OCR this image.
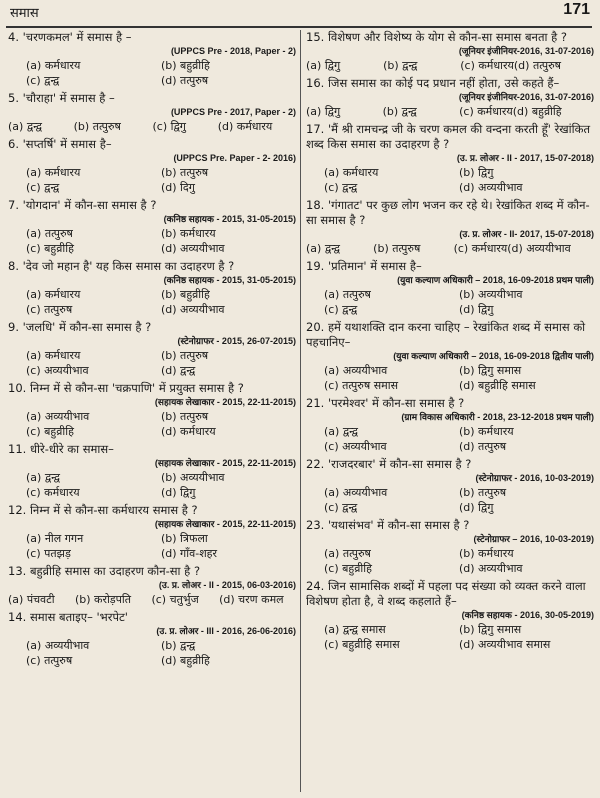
समास	171
4. 'चरणकमल' में समास है –
(UPPCS Pre - 2018, Paper - 2)
(a) कर्मधारय	(b) बहुव्रीहि
(c) द्वन्द्व	(d) तत्पुरुष
5. 'चौराहा' में समास है –
(UPPCS Pre - 2017, Paper - 2)
(a) द्वन्द्व	(b) तत्पुरुष	(c) द्विगु	(d) कर्मधारय
6. 'सप्तर्षि' में समास है–
(UPPCS Pre. Paper - 2- 2016)
(a) कर्मधारय	(b) तत्पुरुष
(c) द्वन्द्व	(d) दिगु
7. 'योगदान' में कौन-सा समास है ?
(कनिष्ठ सहायक - 2015, 31-05-2015)
(a) तत्पुरुष	(b) कर्मधारय
(c) बहुव्रीहि	(d) अव्ययीभाव
8. 'देव जो महान है' यह किस समास का उदाहरण है ?
(कनिष्ठ सहायक - 2015, 31-05-2015)
(a) कर्मधारय	(b) बहुव्रीहि
(c) तत्पुरुष	(d) अव्ययीभाव
9. 'जलधि' में कौन-सा समास है ?
(स्टेनोग्राफर - 2015, 26-07-2015)
(a) कर्मधारय	(b) तत्पुरुष
(c) अव्ययीभाव	(d) द्वन्द्व
10. निम्न में से कौन-सा 'चक्रपाणि' में प्रयुक्त समास है ?
(सहायक लेखाकार - 2015, 22-11-2015)
(a) अव्ययीभाव	(b) तत्पुरुष
(c) बहुव्रीहि	(d) कर्मधारय
11. धीरे-धीरे का समास–
(सहायक लेखाकार - 2015, 22-11-2015)
(a) द्वन्द्व	(b) अव्ययीभाव
(c) कर्मधारय	(d) द्विगु
12. निम्न में से कौन-सा कर्मधारय समास है ?
(सहायक लेखाकार - 2015, 22-11-2015)
(a) नील गगन	(b) त्रिफला
(c) पतझड़	(d) गाँव-शहर
13. बहुव्रीहि समास का उदाहरण कौन-सा है ?
(उ. प्र. लोअर - II - 2015, 06-03-2016)
(a) पंचवटी	(b) करोड़पति	(c) चतुर्भुज	(d) चरण कमल
14. समास बताइए– 'भरपेट'
(उ. प्र. लोअर - III - 2016, 26-06-2016)
(a) अव्ययीभाव	(b) द्वन्द्व
(c) तत्पुरुष	(d) बहुव्रीहि
15. विशेषण और विशेष्य के योग से कौन-सा समास बनता है ?
(जूनियर इंजीनियर-2016, 31-07-2016)
(a) द्विगु	(b) द्वन्द्व	(c) कर्मधारय(d) तत्पुरुष
16. जिस समास का कोई पद प्रधान नहीं होता, उसे कहते हैं–
(जूनियर इंजीनियर-2016, 31-07-2016)
(a) द्विगु	(b) द्वन्द्व	(c) कर्मधारय(d) बहुव्रीहि
17. 'मैं श्री रामचन्द्र जी के चरण कमल की वन्दना करती हूँ' रेखांकित शब्द किस समास का उदाहरण है ?
(उ. प्र. लोअर - II - 2017, 15-07-2018)
(a) कर्मधारय	(b) द्विगु
(c) द्वन्द्व	(d) अव्ययीभाव
18. 'गंगातट' पर कुछ लोग भजन कर रहे थे। रेखांकित शब्द में कौन-सा समास है ?
(उ. प्र. लोअर - II- 2017, 15-07-2018)
(a) द्वन्द्व	(b) तत्पुरुष	(c) कर्मधारय(d) अव्ययीभाव
19. 'प्रतिमान' में समास है–
(युवा कल्याण अधिकारी – 2018, 16-09-2018 प्रथम पाली)
(a) तत्पुरुष	(b) अव्ययीभाव
(c) द्वन्द्व	(d) द्विगु
20. हमें यथाशक्ति दान करना चाहिए – रेखांकित शब्द में समास को पहचानिए–
(युवा कल्याण अधिकारी – 2018, 16-09-2018 द्वितीय पाली)
(a) अव्ययीभाव	(b) द्विगु समास
(c) तत्पुरुष समास	(d) बहुव्रीहि समास
21. 'परमेश्वर' में कौन-सा समास है ?
(ग्राम विकास अधिकारी - 2018, 23-12-2018 प्रथम पाली)
(a) द्वन्द्व	(b) कर्मधारय
(c) अव्ययीभाव	(d) तत्पुरुष
22. 'राजदरबार' में कौन-सा समास है ?
(स्टेनोग्राफर - 2016, 10-03-2019)
(a) अव्ययीभाव	(b) तत्पुरुष
(c) द्वन्द्व	(d) द्विगु
23. 'यथासंभव' में कौन-सा समास है ?
(स्टेनोग्राफर – 2016, 10-03-2019)
(a) तत्पुरुष	(b) कर्मधारय
(c) बहुव्रीहि	(d) अव्ययीभाव
24. जिन सामासिक शब्दों में पहला पद संख्या को व्यक्त करने वाला विशेषण होता है, वे शब्द कहलाते हैं–
(कनिष्ठ सहायक - 2016, 30-05-2019)
(a) द्वन्द्व समास	(b) द्विगु समास
(c) बहुव्रीहि समास	(d) अव्ययीभाव समास
